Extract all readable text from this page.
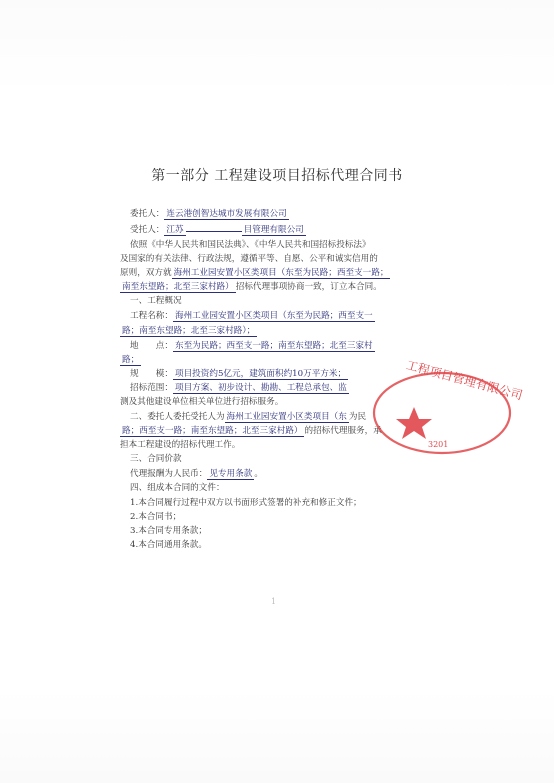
第一部分 工程建设项目招标代理合同书
委托人： 连云港创智达城市发展有限公司
受托人： 江苏	目管理有限公司
依照《中华人民共和国民法典》、《中华人民共和国招标投标法》
及国家的有关法律、行政法规，遵循平等、自愿、公平和诚实信用的
原则，双方就 海州工业园安置小区类项目（东至为民路；西至支一路；
南至东望路；北至三家村路） 招标代理事项协商一致，订立本合同。
一、工程概况
工程名称： 海州工业园安置小区类项目（东至为民路；西至支一
路；南至东望路；北至三家村路）；
地　　点： 东至为民路；西至支一路；南至东望路；北至三家村
路；
规　　模： 项目投资约5亿元，建筑面积约10万平方米；
招标范围： 项目方案、初步设计、勘勘、工程总承包、监
测及其他建设单位相关单位进行招标服务。
二、委托人委托受托人为 海州工业园安置小区类项目（东 为民
路；西至支一路；南至东望路；北至三家村路） 的招标代理服务，承
担本工程建设的招标代理工作。
三、合同价款
代理报酬为人民币： 见专用条款 。
四、组成本合同的文件：
1.本合同履行过程中双方以书面形式签署的补充和修正文件；
2.本合同书；
3.本合同专用条款；
4.本合同通用条款。
工程项目管理有限公司
3201
1
